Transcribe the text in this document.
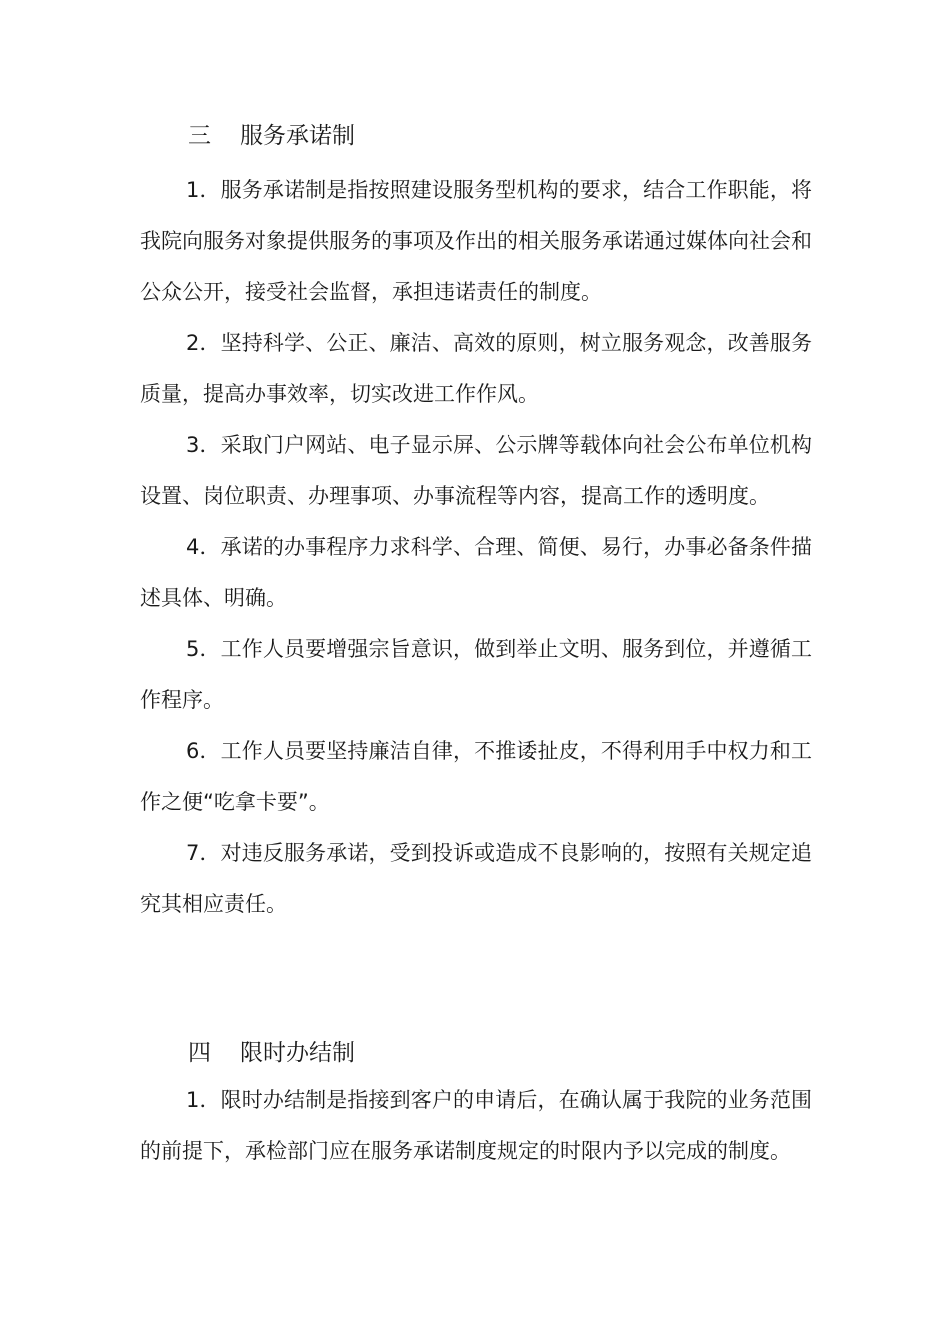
三 服务承诺制

1．服务承诺制是指按照建设服务型机构的要求，结合工作职能，将我院向服务对象提供服务的事项及作出的相关服务承诺通过媒体向社会和公众公开，接受社会监督，承担违诺责任的制度。

2．坚持科学、公正、廉洁、高效的原则，树立服务观念，改善服务质量，提高办事效率，切实改进工作作风。

3．采取门户网站、电子显示屏、公示牌等载体向社会公布单位机构设置、岗位职责、办理事项、办事流程等内容，提高工作的透明度。

4．承诺的办事程序力求科学、合理、简便、易行，办事必备条件描述具体、明确。

5．工作人员要增强宗旨意识，做到举止文明、服务到位，并遵循工作程序。

6．工作人员要坚持廉洁自律，不推诿扯皮，不得利用手中权力和工作之便“吃拿卡要”。

7．对违反服务承诺，受到投诉或造成不良影响的，按照有关规定追究其相应责任。

四 限时办结制

1．限时办结制是指接到客户的申请后，在确认属于我院的业务范围的前提下，承检部门应在服务承诺制度规定的时限内予以完成的制度。
